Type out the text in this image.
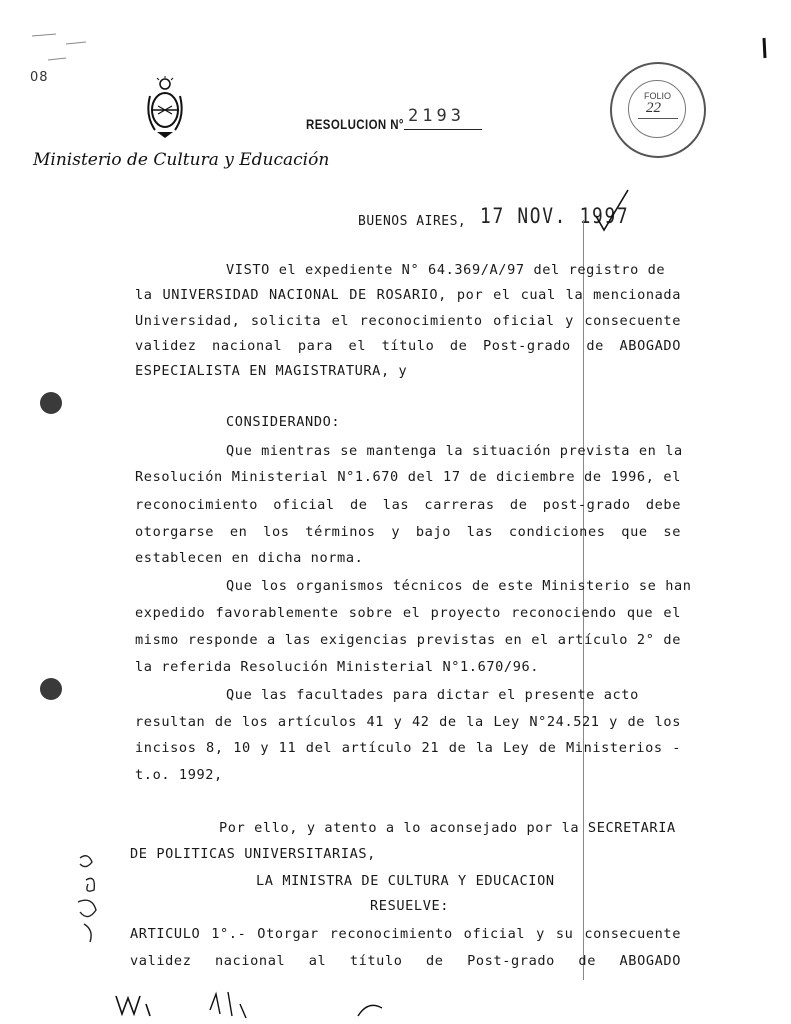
08
Ministerio de Cultura y Educación
RESOLUCION N° 2193
FOLIO
22
BUENOS AIRES, 17 NOV. 1997
VISTO el expediente N° 64.369/A/97 del registro de
la UNIVERSIDAD NACIONAL DE ROSARIO, por el cual la mencionada
Universidad, solicita el reconocimiento oficial y consecuente
validez nacional para el título de Post-grado de ABOGADO
ESPECIALISTA EN MAGISTRATURA, y
CONSIDERANDO:
Que mientras se mantenga la situación prevista en la
Resolución Ministerial N°1.670 del 17 de diciembre de 1996, el
reconocimiento oficial de las carreras de post-grado debe
otorgarse en los términos y bajo las condiciones que se
establecen en dicha norma.
Que los organismos técnicos de este Ministerio se han
expedido favorablemente sobre el proyecto reconociendo que el
mismo responde a las exigencias previstas en el artículo 2° de
la referida Resolución Ministerial N°1.670/96.
Que las facultades para dictar el presente acto
resultan de los artículos 41 y 42 de la Ley N°24.521 y de los
incisos 8, 10 y 11 del artículo 21 de la Ley de Ministerios -
t.o. 1992,
Por ello, y atento a lo aconsejado por la SECRETARIA
DE POLITICAS UNIVERSITARIAS,
LA MINISTRA DE CULTURA Y EDUCACION
RESUELVE:
ARTICULO 1°.- Otorgar reconocimiento oficial y su consecuente
validez nacional al título de Post-grado de ABOGADO
